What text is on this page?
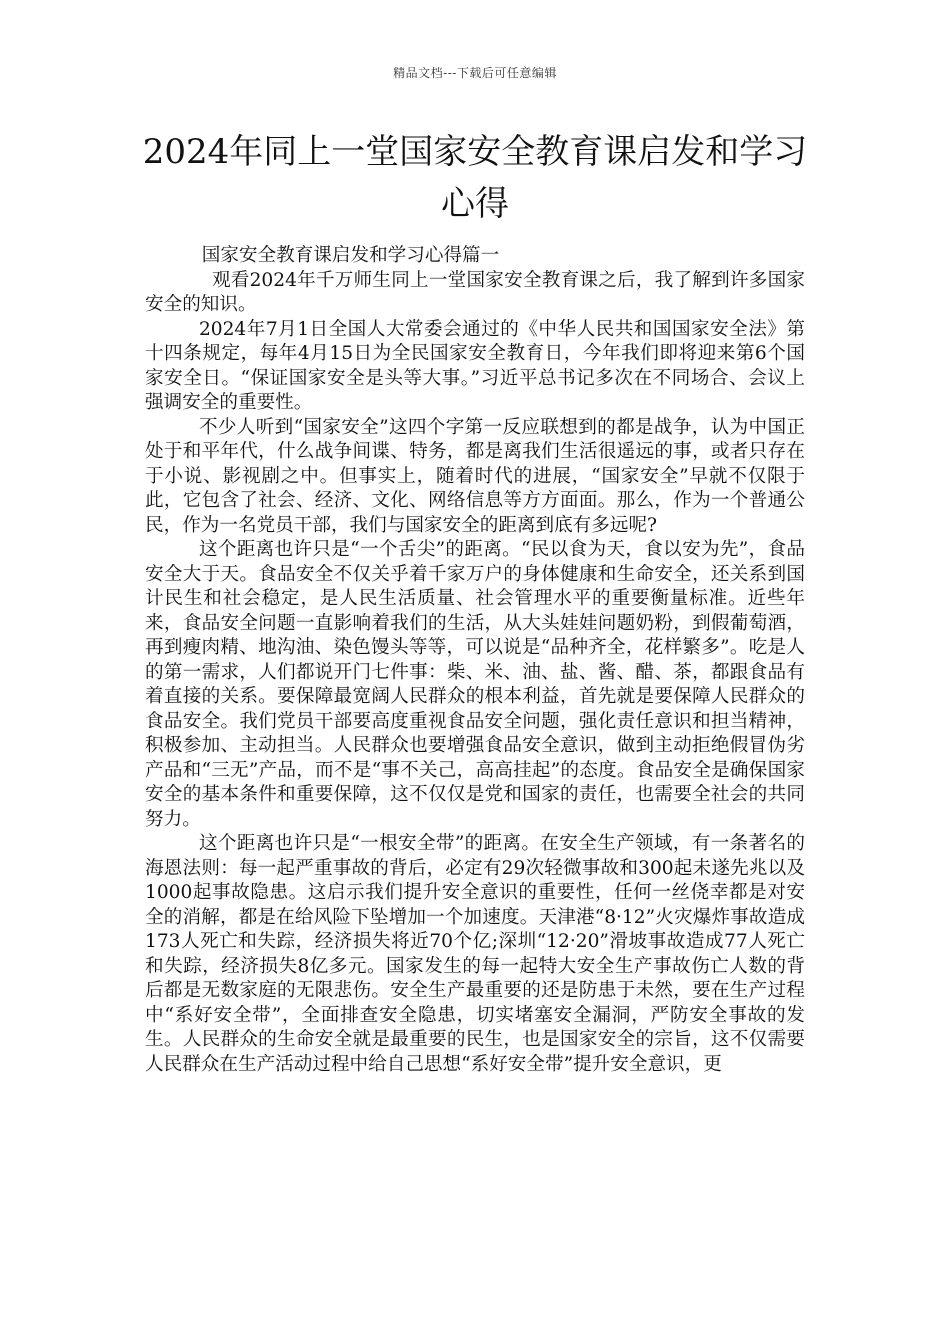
精品文档---下载后可任意编辑
2024年同上一堂国家安全教育课启发和学习心得

国家安全教育课启发和学习心得篇一

观看2024年千万师生同上一堂国家安全教育课之后，我了解到许多国家安全的知识。

2024年7月1日全国人大常委会通过的《中华人民共和国国家安全法》第十四条规定，每年4月15日为全民国家安全教育日，今年我们即将迎来第6个国家安全日。“保证国家安全是头等大事。”习近平总书记多次在不同场合、会议上强调安全的重要性。

不少人听到“国家安全”这四个字第一反应联想到的都是战争，认为中国正处于和平年代，什么战争间谍、特务，都是离我们生活很遥远的事，或者只存在于小说、影视剧之中。但事实上，随着时代的进展，“国家安全”早就不仅限于此，它包含了社会、经济、文化、网络信息等方方面面。那么，作为一个普通公民，作为一名党员干部，我们与国家安全的距离到底有多远呢?

这个距离也许只是“一个舌尖”的距离。“民以食为天，食以安为先”，食品安全大于天。食品安全不仅关乎着千家万户的身体健康和生命安全，还关系到国计民生和社会稳定，是人民生活质量、社会管理水平的重要衡量标准。近些年来，食品安全问题一直影响着我们的生活，从大头娃娃问题奶粉，到假葡萄酒，再到瘦肉精、地沟油、染色馒头等等，可以说是“品种齐全，花样繁多”。吃是人的第一需求，人们都说开门七件事：柴、米、油、盐、酱、醋、茶，都跟食品有着直接的关系。要保障最宽阔人民群众的根本利益，首先就是要保障人民群众的食品安全。我们党员干部要高度重视食品安全问题，强化责任意识和担当精神，积极参加、主动担当。人民群众也要增强食品安全意识，做到主动拒绝假冒伪劣产品和“三无”产品，而不是“事不关己，高高挂起”的态度。食品安全是确保国家安全的基本条件和重要保障，这不仅仅是党和国家的责任，也需要全社会的共同努力。

这个距离也许只是“一根安全带”的距离。在安全生产领域，有一条著名的海恩法则：每一起严重事故的背后，必定有29次轻微事故和300起未遂先兆以及1000起事故隐患。这启示我们提升安全意识的重要性，任何一丝侥幸都是对安全的消解，都是在给风险下坠增加一个加速度。天津港“8·12”火灾爆炸事故造成173人死亡和失踪，经济损失将近70个亿;深圳“12·20”滑坡事故造成77人死亡和失踪，经济损失8亿多元。国家发生的每一起特大安全生产事故伤亡人数的背后都是无数家庭的无限悲伤。安全生产最重要的还是防患于未然，要在生产过程中“系好安全带”，全面排查安全隐患，切实堵塞安全漏洞，严防安全事故的发生。人民群众的生命安全就是最重要的民生，也是国家安全的宗旨，这不仅需要人民群众在生产活动过程中给自己思想“系好安全带”提升安全意识，更
